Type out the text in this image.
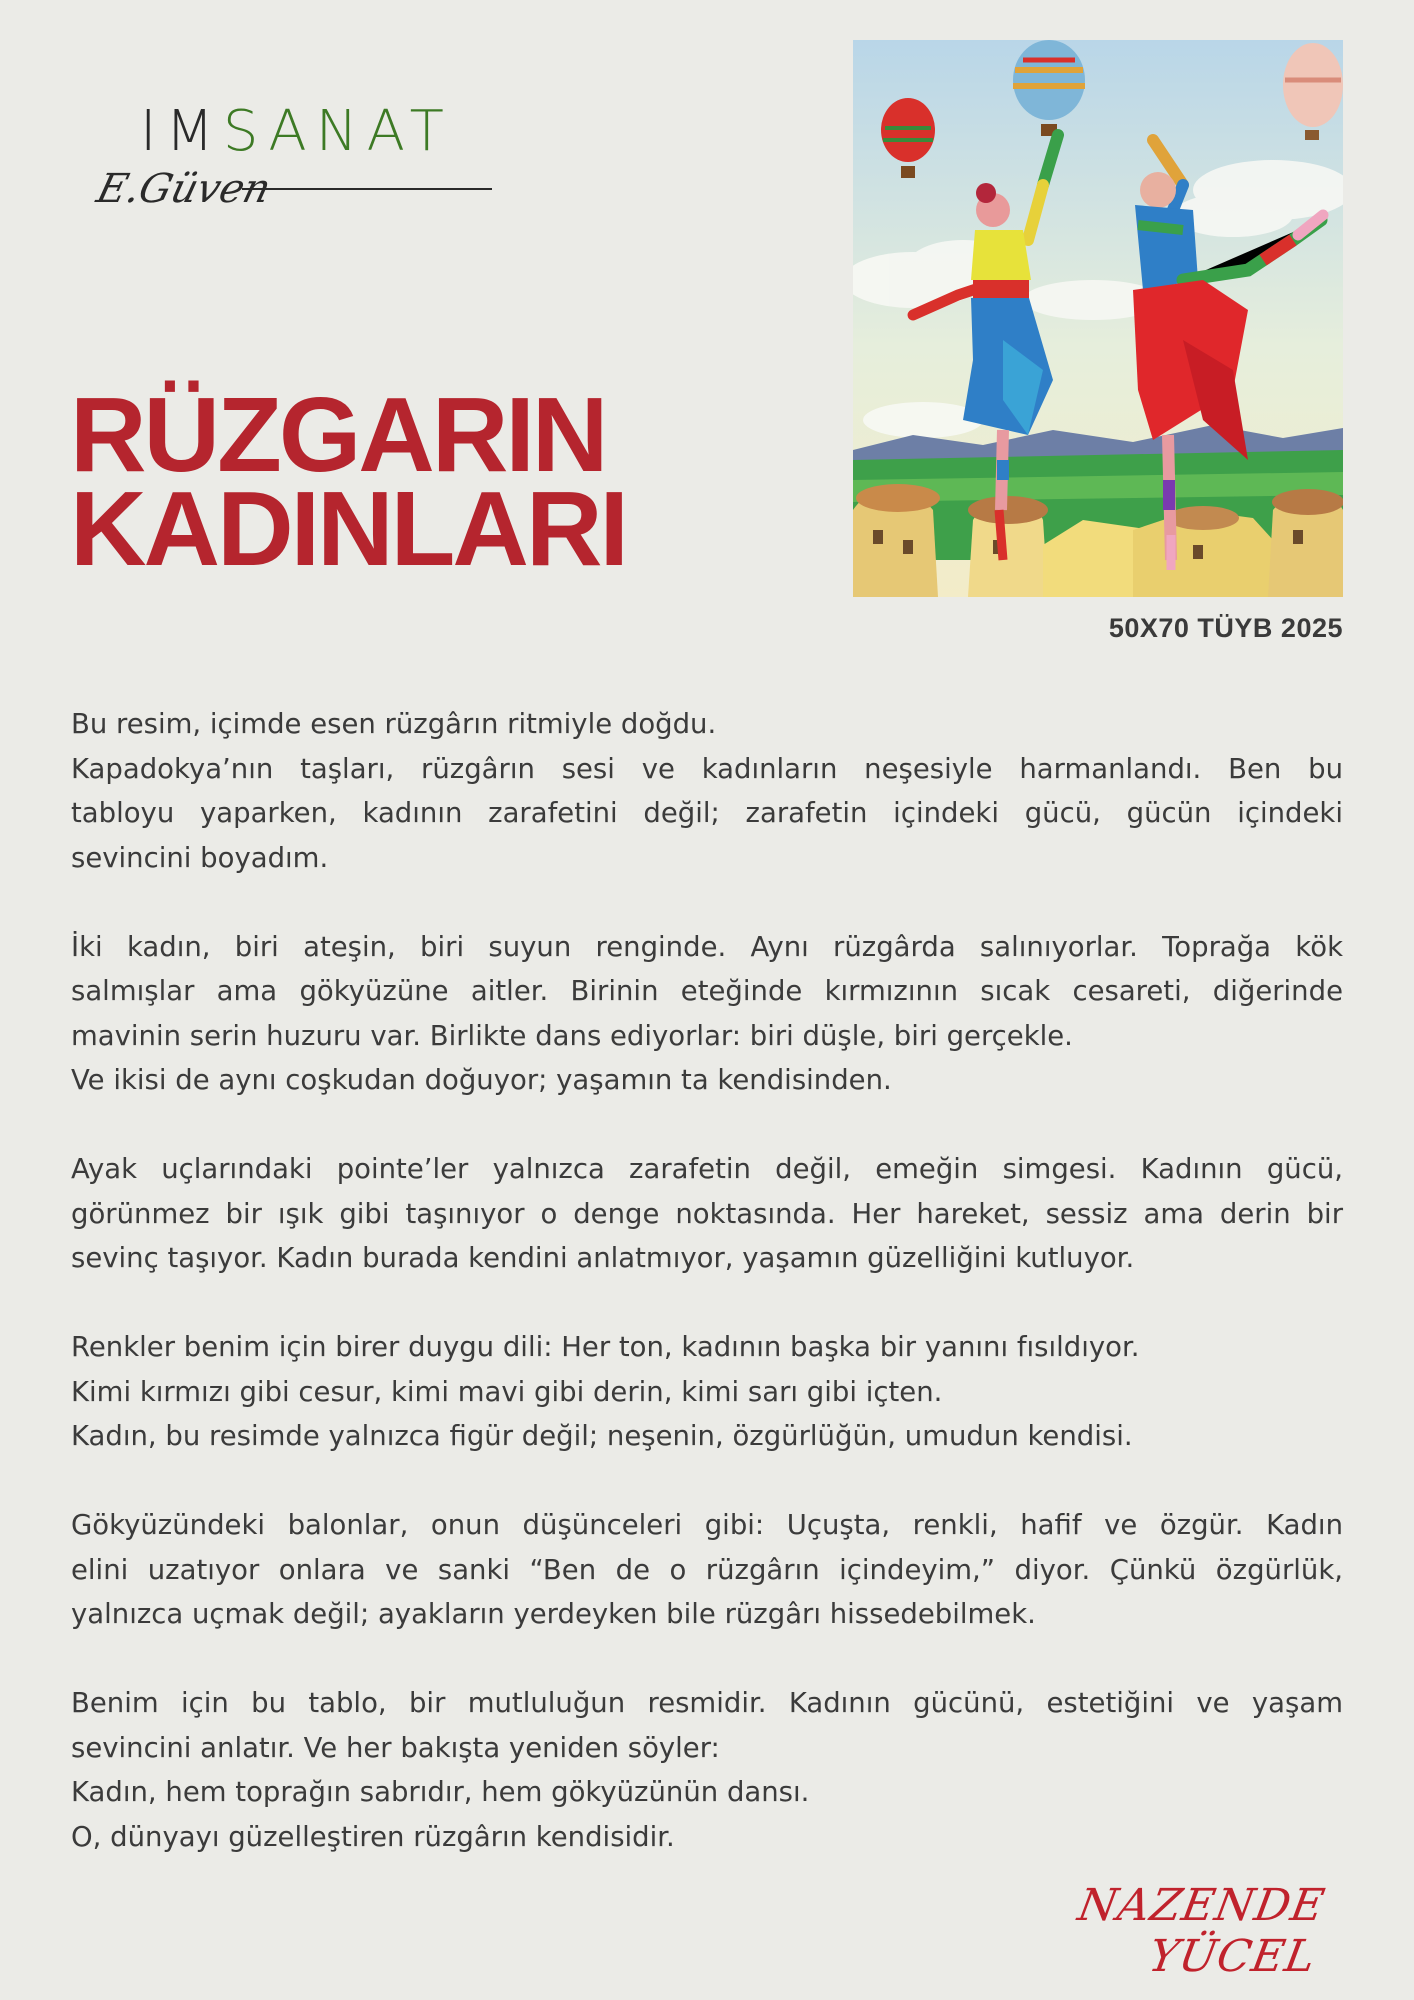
IMSANAT
E.Güven
RÜZGARIN
KADINLARI
50X70 TÜYB 2025

Bu resim, içimde esen rüzgârın ritmiyle doğdu.
Kapadokya’nın taşları, rüzgârın sesi ve kadınların neşesiyle harmanlandı. Ben bu
tabloyu yaparken, kadının zarafetini değil; zarafetin içindeki gücü, gücün içindeki
sevincini boyadım.

İki kadın, biri ateşin, biri suyun renginde. Aynı rüzgârda salınıyorlar. Toprağa kök
salmışlar ama gökyüzüne aitler. Birinin eteğinde kırmızının sıcak cesareti, diğerinde
mavinin serin huzuru var. Birlikte dans ediyorlar: biri düşle, biri gerçekle.
Ve ikisi de aynı coşkudan doğuyor; yaşamın ta kendisinden.

Ayak uçlarındaki pointe’ler yalnızca zarafetin değil, emeğin simgesi. Kadının gücü,
görünmez bir ışık gibi taşınıyor o denge noktasında. Her hareket, sessiz ama derin bir
sevinç taşıyor. Kadın burada kendini anlatmıyor, yaşamın güzelliğini kutluyor.

Renkler benim için birer duygu dili: Her ton, kadının başka bir yanını fısıldıyor.
Kimi kırmızı gibi cesur, kimi mavi gibi derin, kimi sarı gibi içten.
Kadın, bu resimde yalnızca figür değil; neşenin, özgürlüğün, umudun kendisi.

Gökyüzündeki balonlar, onun düşünceleri gibi: Uçuşta, renkli, hafif ve özgür. Kadın
elini uzatıyor onlara ve sanki “Ben de o rüzgârın içindeyim,” diyor. Çünkü özgürlük,
yalnızca uçmak değil; ayakların yerdeyken bile rüzgârı hissedebilmek.

Benim için bu tablo, bir mutluluğun resmidir. Kadının gücünü, estetiğini ve yaşam
sevincini anlatır. Ve her bakışta yeniden söyler:
Kadın, hem toprağın sabrıdır, hem gökyüzünün dansı.
O, dünyayı güzelleştiren rüzgârın kendisidir.

NAZENDE YÜCEL
